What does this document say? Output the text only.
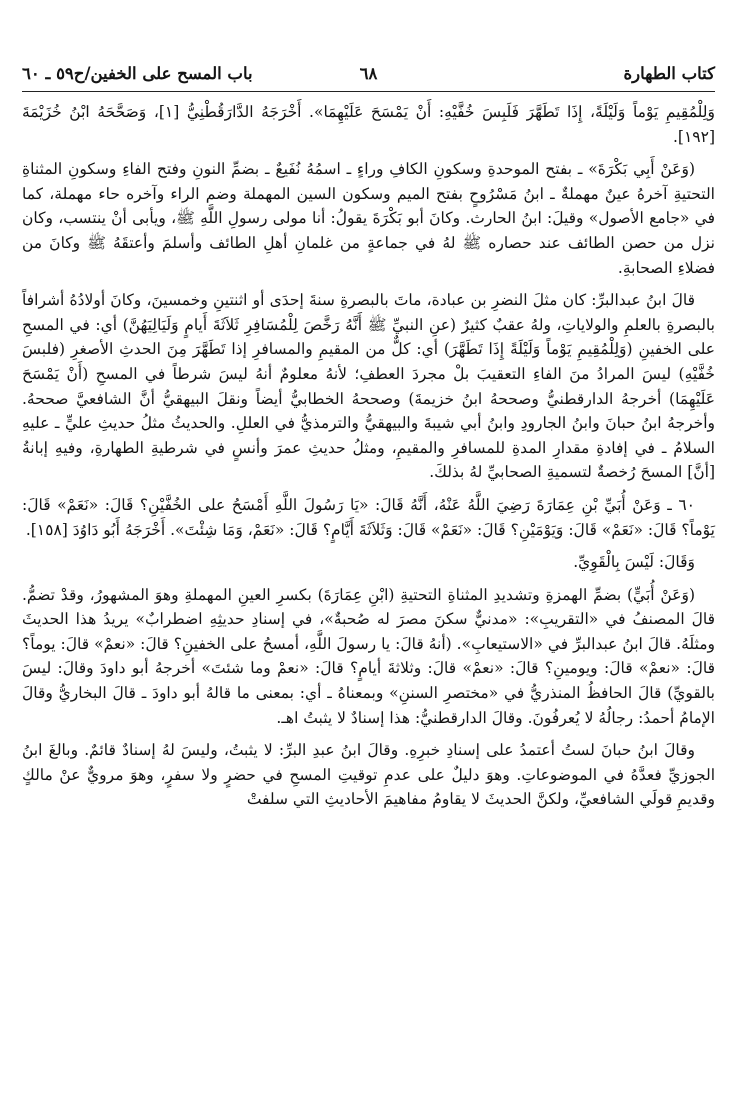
كتاب الطهارة
٦٨
باب المسح على الخفين/ح٥٩ ـ ٦٠

وَلِلْمُقِيمِ يَوْماً وَلَيْلَةً، إِذَا تَطَهَّرَ فَلَبِسَ خُفَّيْهِ: أَنْ يَمْسَحَ عَلَيْهِمَا». أَخْرَجَهُ الدَّارَقُطْنِيُّ [١]، وَصَحَّحَهُ ابْنُ خُزَيْمَةَ [١٩٢].

(وَعَنْ أَبِي بَكْرَةَ» ـ بفتح الموحدةِ وسكونِ الكافِ وراءٍ ـ اسمُهُ نُفَيعٌ ـ بضمِّ النونِ وفتح الفاءِ وسكونِ المثناةِ التحتيةِ آخرهُ عينٌ مهملةٌ ـ ابنُ مَسْرُوحٍ بفتح الميم وسكون السين المهملة وضم الراء وآخره حاء مهملة، كما في «جامع الأصول» وقيلَ: ابنُ الحارث. وكانَ أبو بَكْرَةَ يقولُ: أنا مولى رسولِ اللَّهِ ﷺ، ويأبى أنْ ينتسب، وكان نزل من حصن الطائف عند حصاره ﷺ لهُ في جماعةٍ من غلمانِ أهلِ الطائف وأسلمَ وأعتقَهُ ﷺ وكانَ من فضلاءِ الصحابةِ.

قالَ ابنُ عبدالبرِّ: كان مثلَ النضرِ بن عبادة، ماتَ بالبصرةِ سنةَ إحدَى أو اثنتينِ وخمسينَ، وكانَ أولادُهُ أشرافاً بالبصرةِ بالعلمِ والولاياتِ، ولهُ عقبٌ كثيرٌ (عنِ النبيِّ ﷺ أَنَّهُ رَخَّصَ لِلْمُسَافِرِ ثَلاَثَةَ أَيامٍ وَلَيَالِيَهُنَّ) أي: في المسحِ على الخفينِ (وَلِلْمُقِيمِ يَوْماً وَلَيْلَةً إِذَا تَطَهَّرَ) أي: كلٌّ من المقيمِ والمسافرِ إذا تَطَهَّرَ مِنَ الحدثِ الأصغرِ (فلبسَ خُفَّيْهِ) ليسَ المرادُ منَ الفاءِ التعقيبَ بلْ مجردَ العطفِ؛ لأنهُ معلومٌ أنهُ ليسَ شرطاً في المسحِ (أَنْ يَمْسَحَ عَلَيْهِمَا) أخرجهُ الدارقطنيُّ وصححهُ ابنُ خزيمةَ) وصححهُ الخطابيُّ أيضاً ونقلَ البيهقيُّ أنَّ الشافعيَّ صححهُ. وأخرجهُ ابنُ حبانَ وابنُ الجارودِ وابنُ أبي شيبةَ والبيهقيُّ والترمذيُّ في العللِ. والحديثُ مثلُ حديثِ عليٍّ ـ عليهِ السلامُ ـ في إفادةِ مقدارِ المدةِ للمسافرِ والمقيمِ، ومثلُ حديثِ عمرَ وأنسٍ في شرطيةِ الطهارةِ، وفيهِ إبانةُ [أنَّ] المسحَ رُخصةٌ لتسميةِ الصحابيِّ لهُ بذلكَ.

٦٠ ـ وَعَنْ أُبَيِّ بْنِ عِمَارَةَ رَضِيَ اللَّهُ عَنْهُ، أَنَّهُ قَالَ: «يَا رَسُولَ اللَّهِ أَمْسَحُ على الخُفَّيْنِ؟ قَالَ: «نَعَمْ» قَالَ: يَوْماً؟ قَالَ: «نَعَمْ» قَالَ: وَيَوْمَيْنِ؟ قَالَ: «نَعَمْ» قَالَ: وَثَلاَثَةَ أَيَّامٍ؟ قَالَ: «نَعَمْ، وَمَا شِئْتَ». أَخْرَجَهُ أَبُو دَاوُدَ [١٥٨].

وَقَالَ: لَيْسَ بِالْقَوِيِّ.

(وَعَنْ أُبَيٍّ) بضمِّ الهمزةِ وتشديدِ المثناةِ التحتيةِ (ابْنِ عِمَارَةَ) بكسرِ العينِ المهملةِ وهوَ المشهورُ، وقدْ تضمُّ. قالَ المصنفُ في «التقريبِ»: «مدنيٌّ سكنَ مصرَ له صُحبةٌ»، في إسنادِ حديثِهِ اضطرابٌ» يريدُ هذا الحديثَ ومثلَهُ. قالَ ابنُ عبدالبرِّ في «الاستيعابِ». (أنهُ قالَ: يا رسولَ اللَّهِ، أمسحُ على الخفينِ؟ قالَ: «نعمْ» قالَ: يوماً؟ قالَ: «نعمْ» قالَ: ويومينِ؟ قالَ: «نعمْ» قالَ: وثلاثةَ أيامٍ؟ قالَ: «نعمْ وما شئتَ» أخرجهُ أبو داودَ وقالَ: ليسَ بالقويِّ) قالَ الحافظُ المنذريُّ في «مختصرِ السننِ» وبمعناهُ ـ أي: بمعنى ما قالهُ أبو داودَ ـ قالَ البخاريُّ وقالَ الإمامُ أحمدُ: رجالُهُ لا يُعرفُونَ. وقالَ الدارقطنيُّ: هذا إسنادٌ لا يثبتُ اهـ.

وقالَ ابنُ حبانَ لستُ أعتمدُ على إسنادِ خبرِهِ. وقالَ ابنُ عبدِ البرِّ: لا يثبتُ، وليسَ لهُ إسنادٌ قائمٌ. وبالغَ ابنُ الجوزيِّ فعدَّهُ في الموضوعاتِ. وهوَ دليلٌ على عدمِ توقيتِ المسحِ في حضرٍ ولا سفرٍ، وهوَ مرويٌّ عنْ مالكٍ وقديمِ قولَي الشافعيِّ، ولكنَّ الحديثَ لا يقاومُ مفاهيمَ الأحاديثِ التي سلفتْ
